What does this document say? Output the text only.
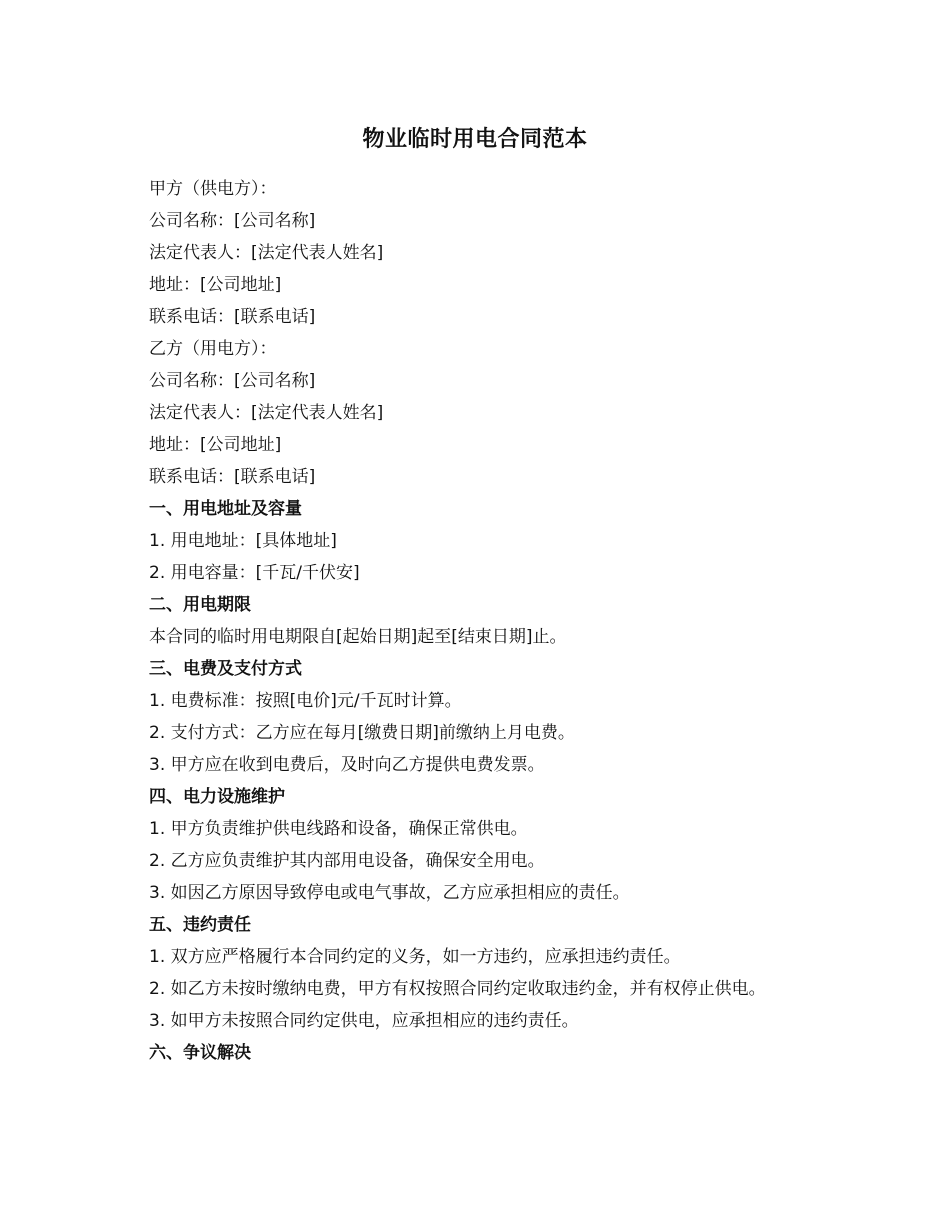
物业临时用电合同范本
甲方（供电方）：
公司名称：[公司名称]
法定代表人：[法定代表人姓名]
地址：[公司地址]
联系电话：[联系电话]
乙方（用电方）：
公司名称：[公司名称]
法定代表人：[法定代表人姓名]
地址：[公司地址]
联系电话：[联系电话]
一、用电地址及容量
1. 用电地址：[具体地址]
2. 用电容量：[千瓦/千伏安]
二、用电期限
本合同的临时用电期限自[起始日期]起至[结束日期]止。
三、电费及支付方式
1. 电费标准：按照[电价]元/千瓦时计算。
2. 支付方式：乙方应在每月[缴费日期]前缴纳上月电费。
3. 甲方应在收到电费后，及时向乙方提供电费发票。
四、电力设施维护
1. 甲方负责维护供电线路和设备，确保正常供电。
2. 乙方应负责维护其内部用电设备，确保安全用电。
3. 如因乙方原因导致停电或电气事故，乙方应承担相应的责任。
五、违约责任
1. 双方应严格履行本合同约定的义务，如一方违约，应承担违约责任。
2. 如乙方未按时缴纳电费，甲方有权按照合同约定收取违约金，并有权停止供电。
3. 如甲方未按照合同约定供电，应承担相应的违约责任。
六、争议解决
